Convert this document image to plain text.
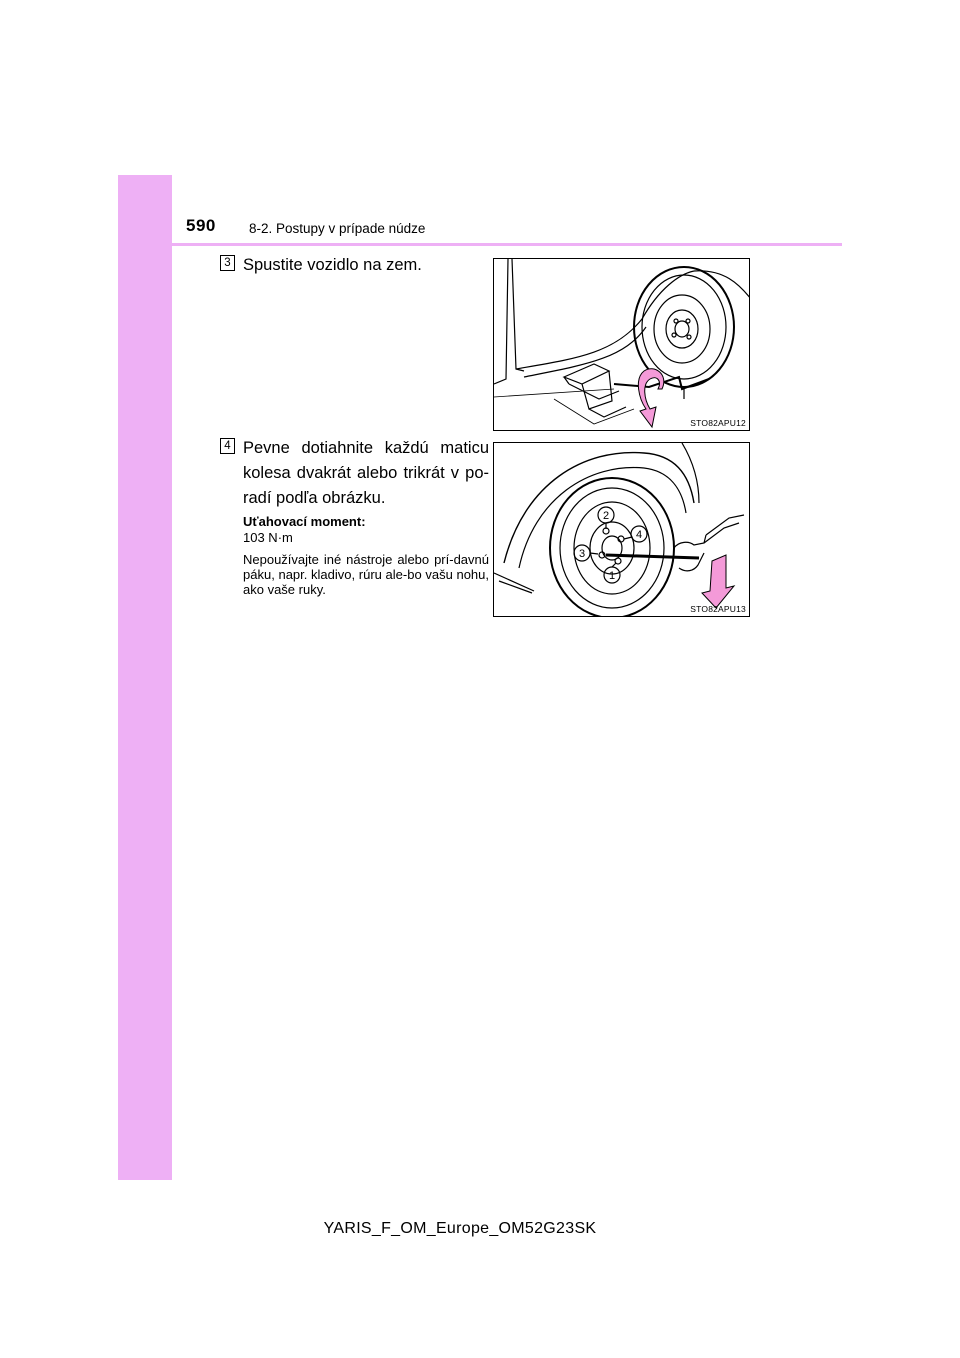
590 8-2. Postupy v prípade núdze
3 Spustite vozidlo na zem.
STO82APU12
4 Pevne dotiahnite každú maticu kolesa dvakrát alebo trikrát v po-radí podľa obrázku.
Uťahovací moment:
103 N·m
Nepoužívajte iné nástroje alebo prí-davnú páku, napr. kladivo, rúru ale-bo vašu nohu, ako vaše ruky.
2
4
3
1
STO82APU13
YARIS_F_OM_Europe_OM52G23SK
